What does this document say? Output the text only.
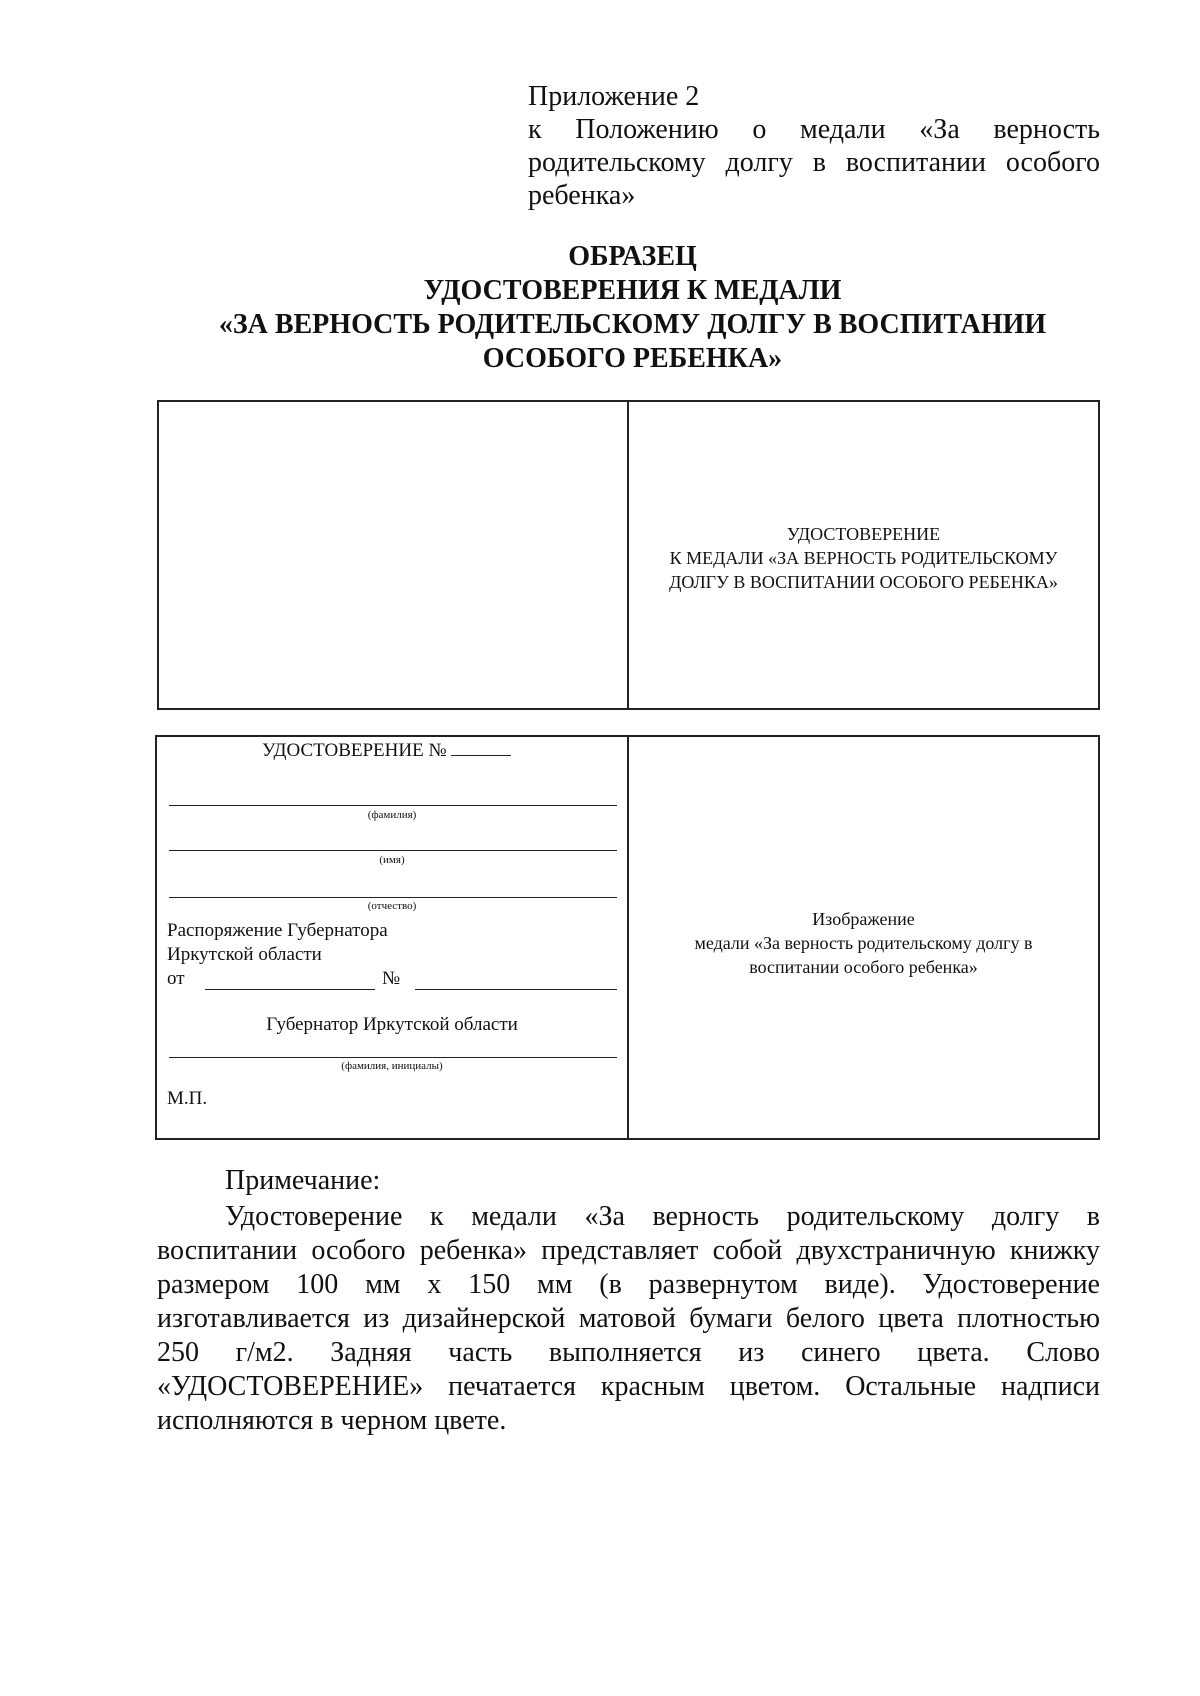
Приложение 2
к Положению о медали «За верность
родительскому долгу в воспитании особого
ребенка»
ОБРАЗЕЦ
УДОСТОВЕРЕНИЯ К МЕДАЛИ
«ЗА ВЕРНОСТЬ РОДИТЕЛЬСКОМУ ДОЛГУ В ВОСПИТАНИИ
ОСОБОГО РЕБЕНКА»
УДОСТОВЕРЕНИЕ
К МЕДАЛИ «ЗА ВЕРНОСТЬ РОДИТЕЛЬСКОМУ
ДОЛГУ В ВОСПИТАНИИ ОСОБОГО РЕБЕНКА»
УДОСТОВЕРЕНИЕ №
(фамилия)
(имя)
(отчество)
Распоряжение Губернатора
Иркутской области
от	№
Губернатор Иркутской области
(фамилия, инициалы)
М.П.
Изображение
медали «За верность родительскому долгу в
воспитании особого ребенка»
Примечание:
Удостоверение к медали «За верность родительскому долгу в воспитании особого ребенка» представляет собой двухстраничную книжку размером 100 мм х 150 мм (в развернутом виде). Удостоверение изготавливается из дизайнерской матовой бумаги белого цвета плотностью 250 г/м2. Задняя часть выполняется из синего цвета. Слово «УДОСТОВЕРЕНИЕ» печатается красным цветом. Остальные надписи исполняются в черном цвете.
